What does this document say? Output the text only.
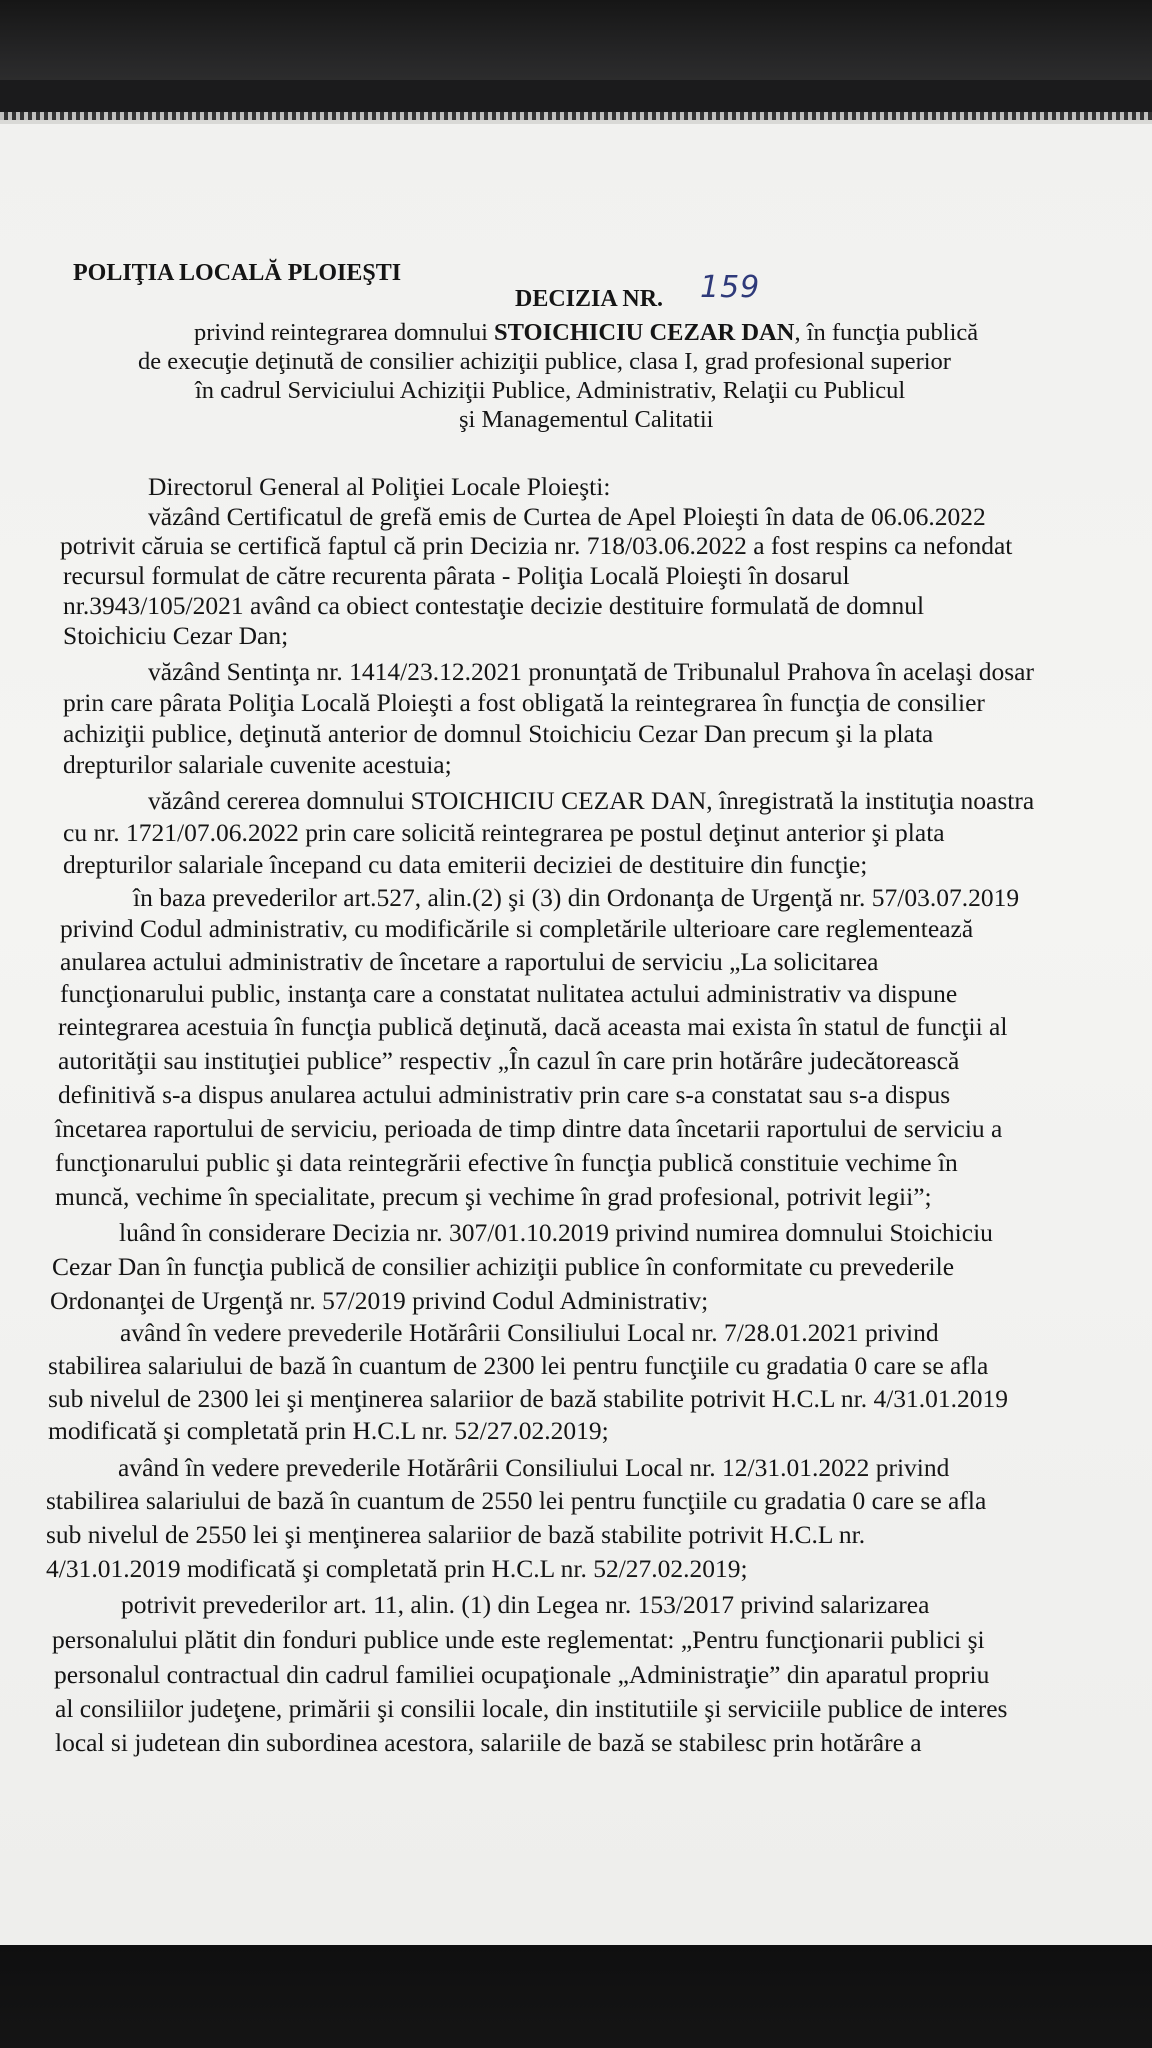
POLIŢIA LOCALĂ PLOIEŞTI
DECIZIA NR. 159
privind reintegrarea domnului STOICHICIU CEZAR DAN, în funcţia publică
de execuţie deţinută de consilier achiziţii publice, clasa I, grad profesional superior
în cadrul Serviciului Achiziţii Publice, Administrativ, Relaţii cu Publicul
şi Managementul Calitatii
Directorul General al Poliţiei Locale Ploieşti:
văzând Certificatul de grefă emis de Curtea de Apel Ploieşti în data de 06.06.2022
potrivit căruia se certifică faptul că prin Decizia nr. 718/03.06.2022 a fost respins ca nefondat
recursul formulat de către recurenta pârata - Poliţia Locală Ploieşti în dosarul
nr.3943/105/2021 având ca obiect contestaţie decizie destituire formulată de domnul
Stoichiciu Cezar Dan;
văzând Sentinţa nr. 1414/23.12.2021 pronunţată de Tribunalul Prahova în acelaşi dosar
prin care pârata Poliţia Locală Ploieşti a fost obligată la reintegrarea în funcţia de consilier
achiziţii publice, deţinută anterior de domnul Stoichiciu Cezar Dan precum şi la plata
drepturilor salariale cuvenite acestuia;
văzând cererea domnului STOICHICIU CEZAR DAN, înregistrată la instituţia noastra
cu nr. 1721/07.06.2022 prin care solicită reintegrarea pe postul deţinut anterior şi plata
drepturilor salariale începand cu data emiterii deciziei de destituire din funcţie;
în baza prevederilor art.527, alin.(2) şi (3) din Ordonanţa de Urgenţă nr. 57/03.07.2019
privind Codul administrativ, cu modificările si completările ulterioare care reglementează
anularea actului administrativ de încetare a raportului de serviciu „La solicitarea
funcţionarului public, instanţa care a constatat nulitatea actului administrativ va dispune
reintegrarea acestuia în funcţia publică deţinută, dacă aceasta mai exista în statul de funcţii al
autorităţii sau instituţiei publice” respectiv „În cazul în care prin hotărâre judecătorească
definitivă s-a dispus anularea actului administrativ prin care s-a constatat sau s-a dispus
încetarea raportului de serviciu, perioada de timp dintre data încetarii raportului de serviciu a
funcţionarului public şi data reintegrării efective în funcţia publică constituie vechime în
muncă, vechime în specialitate, precum şi vechime în grad profesional, potrivit legii”;
luând în considerare Decizia nr. 307/01.10.2019 privind numirea domnului Stoichiciu
Cezar Dan în funcţia publică de consilier achiziţii publice în conformitate cu prevederile
Ordonanţei de Urgenţă nr. 57/2019 privind Codul Administrativ;
având în vedere prevederile Hotărârii Consiliului Local nr. 7/28.01.2021 privind
stabilirea salariului de bază în cuantum de 2300 lei pentru funcţiile cu gradatia 0 care se afla
sub nivelul de 2300 lei şi menţinerea salariior de bază stabilite potrivit H.C.L nr. 4/31.01.2019
modificată şi completată prin H.C.L nr. 52/27.02.2019;
având în vedere prevederile Hotărârii Consiliului Local nr. 12/31.01.2022 privind
stabilirea salariului de bază în cuantum de 2550 lei pentru funcţiile cu gradatia 0 care se afla
sub nivelul de 2550 lei şi menţinerea salariior de bază stabilite potrivit H.C.L nr.
4/31.01.2019 modificată şi completată prin H.C.L nr. 52/27.02.2019;
potrivit prevederilor art. 11, alin. (1) din Legea nr. 153/2017 privind salarizarea
personalului plătit din fonduri publice unde este reglementat: „Pentru funcţionarii publici şi
personalul contractual din cadrul familiei ocupaţionale „Administraţie” din aparatul propriu
al consiliilor judeţene, primării şi consilii locale, din institutiile şi serviciile publice de interes
local si judetean din subordinea acestora, salariile de bază se stabilesc prin hotărâre a
